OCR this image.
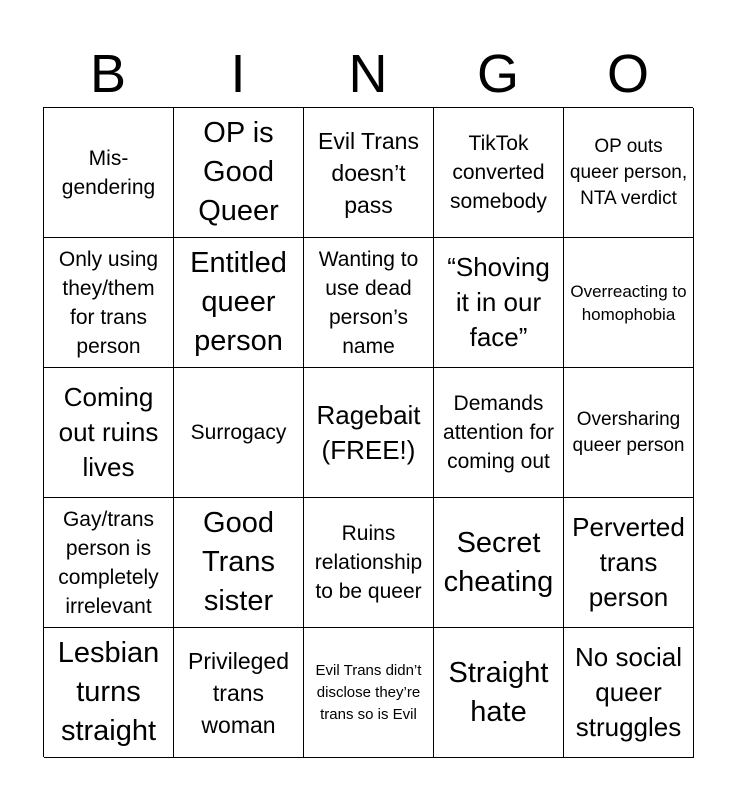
B	I	N	G	O
Mis-gendering
OP is Good Queer
Evil Trans doesn’t pass
TikTok converted somebody
OP outs queer person, NTA verdict
Only using they/them for trans person
Entitled queer person
Wanting to use dead person’s name
“Shoving it in our face”
Overreacting to homophobia
Coming out ruins lives
Surrogacy
Ragebait (FREE!)
Demands attention for coming out
Oversharing queer person
Gay/trans person is completely irrelevant
Good Trans sister
Ruins relationship to be queer
Secret cheating
Perverted trans person
Lesbian turns straight
Privileged trans woman
Evil Trans didn’t disclose they’re trans so is Evil
Straight hate
No social queer struggles
